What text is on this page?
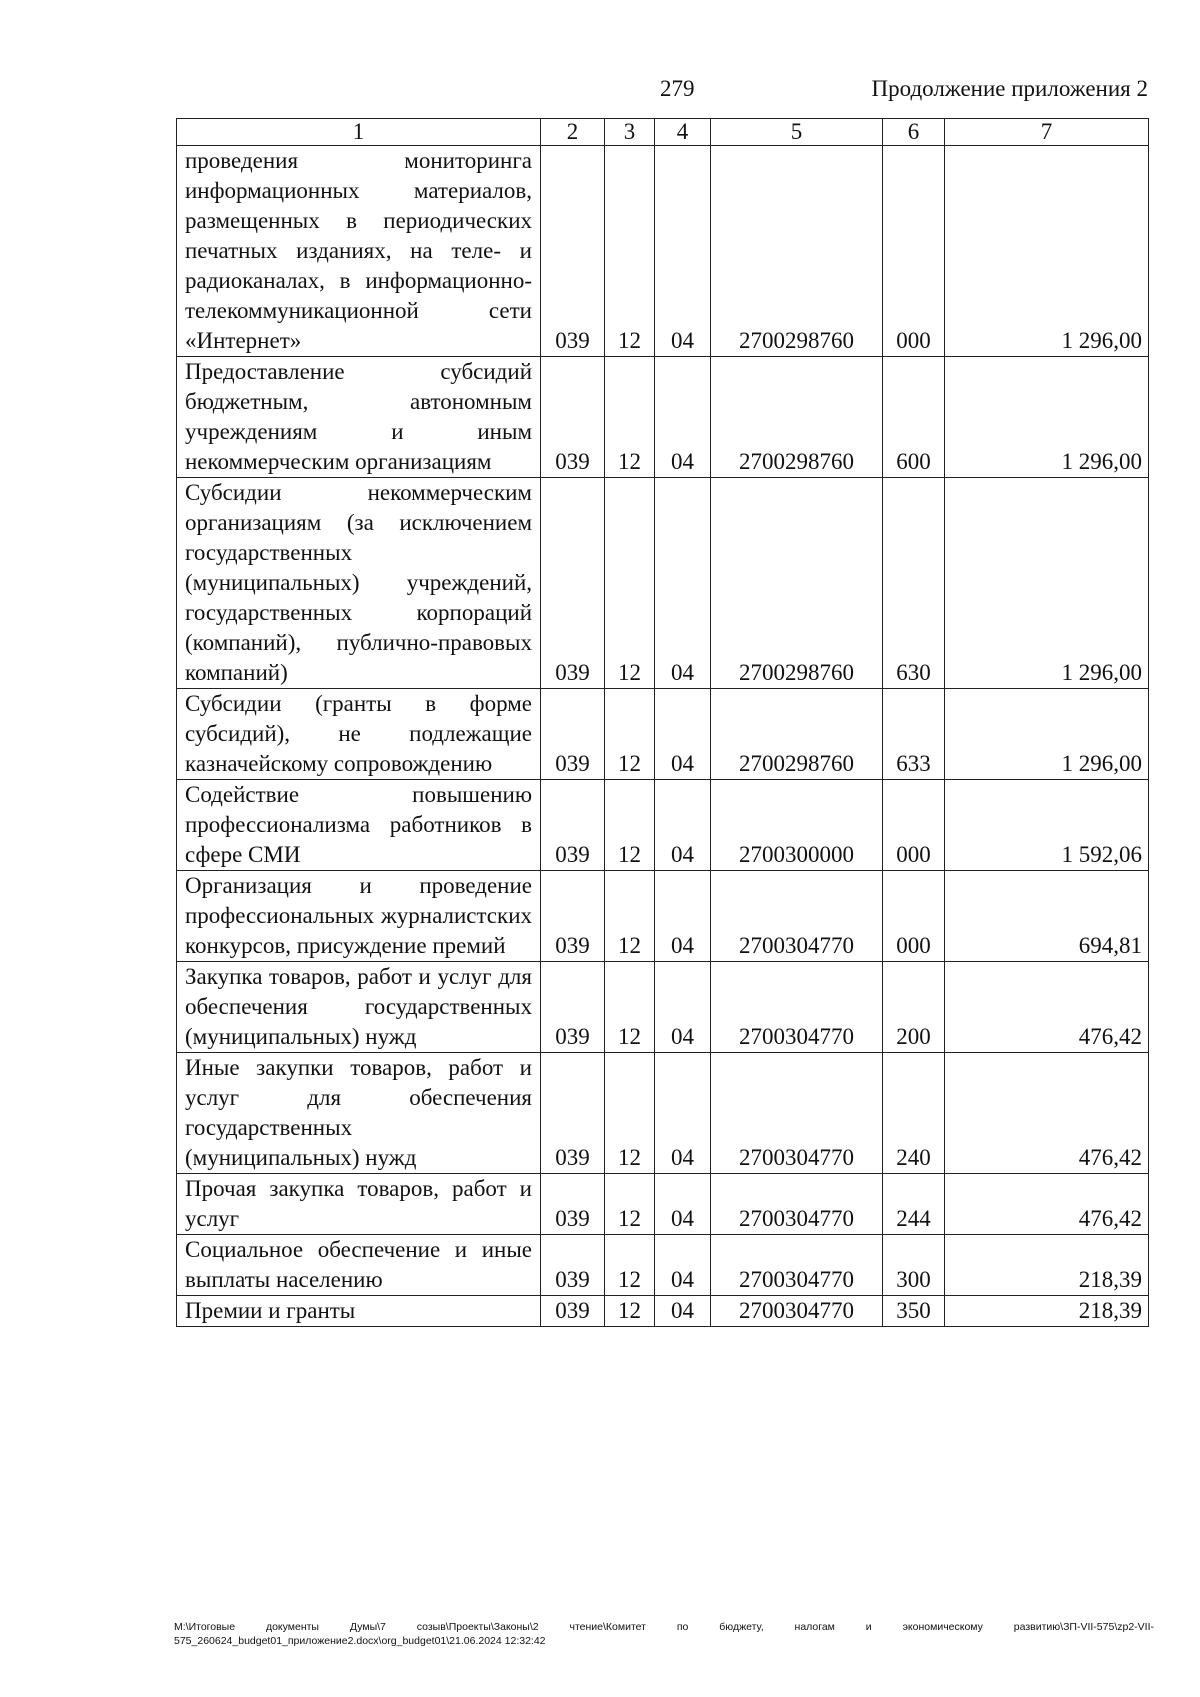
279	Продолжение приложения 2
1	2	3	4	5	6	7
проведения мониторинга информационных материалов, размещенных в периодических печатных изданиях, на теле- и радиоканалах, в информационно-телекоммуникационной сети «Интернет»	039	12	04	2700298760	000	1 296,00
Предоставление субсидий бюджетным, автономным учреждениям и иным некоммерческим организациям	039	12	04	2700298760	600	1 296,00
Субсидии некоммерческим организациям (за исключением государственных (муниципальных) учреждений, государственных корпораций (компаний), публично-правовых компаний)	039	12	04	2700298760	630	1 296,00
Субсидии (гранты в форме субсидий), не подлежащие казначейскому сопровождению	039	12	04	2700298760	633	1 296,00
Содействие повышению профессионализма работников в сфере СМИ	039	12	04	2700300000	000	1 592,06
Организация и проведение профессиональных журналистских конкурсов, присуждение премий	039	12	04	2700304770	000	694,81
Закупка товаров, работ и услуг для обеспечения государственных (муниципальных) нужд	039	12	04	2700304770	200	476,42
Иные закупки товаров, работ и услуг для обеспечения государственных (муниципальных) нужд	039	12	04	2700304770	240	476,42
Прочая закупка товаров, работ и услуг	039	12	04	2700304770	244	476,42
Социальное обеспечение и иные выплаты населению	039	12	04	2700304770	300	218,39
Премии и гранты	039	12	04	2700304770	350	218,39
M:\Итоговые документы Думы\7 созыв\Проекты\Законы\2 чтение\Комитет по бюджету, налогам и экономическому развитию\ЗП-VII-575\zp2-VII-575_260624_budget01_приложение2.docx\org_budget01\21.06.2024 12:32:42
